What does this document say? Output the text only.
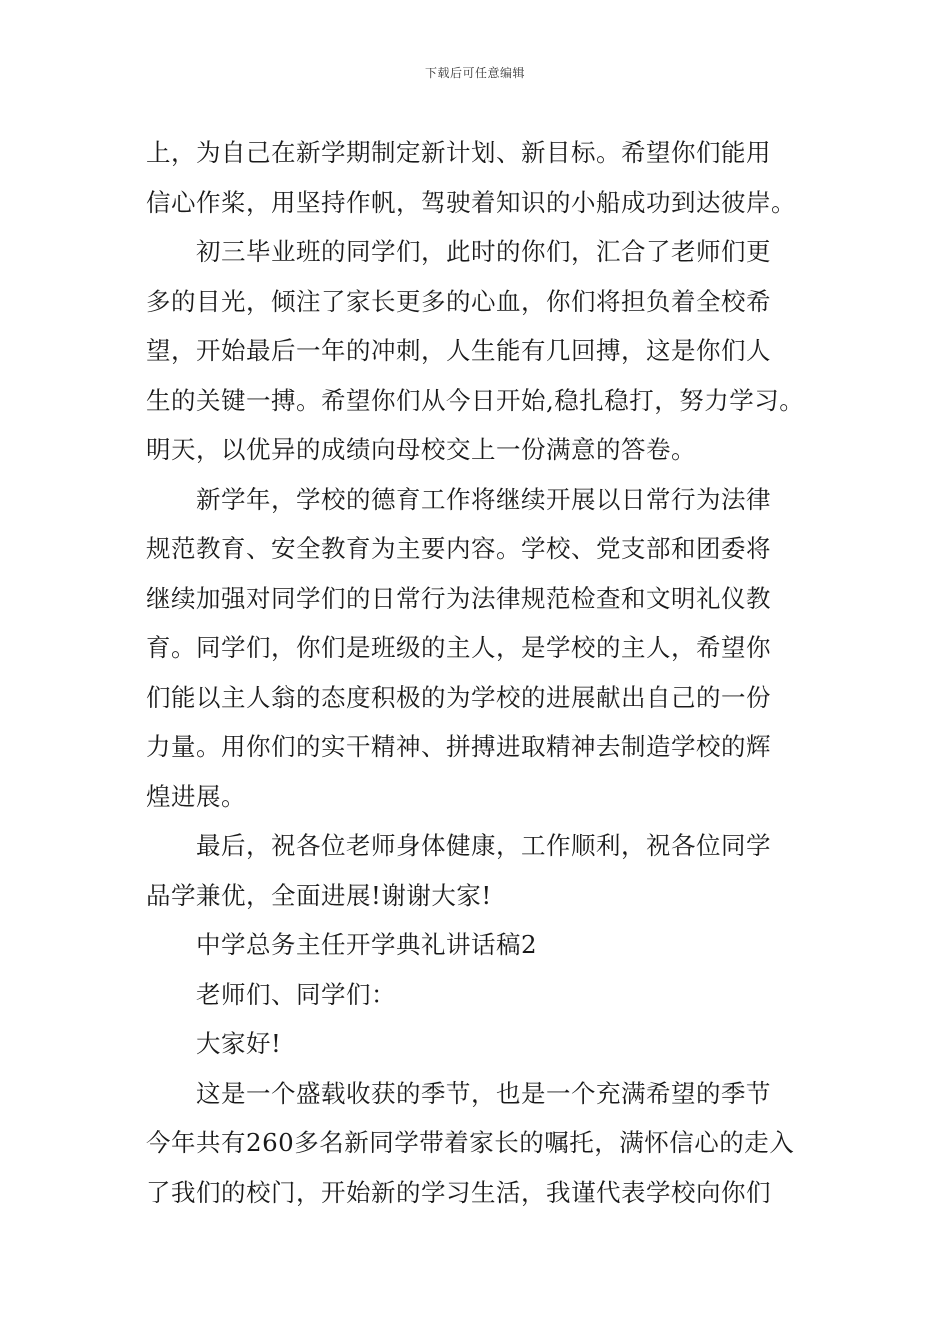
下载后可任意编辑
上，为自己在新学期制定新计划、新目标。希望你们能用
信心作桨，用坚持作帆，驾驶着知识的小船成功到达彼岸。
初三毕业班的同学们，此时的你们，汇合了老师们更
多的目光，倾注了家长更多的心血，你们将担负着全校希
望，开始最后一年的冲刺，人生能有几回搏，这是你们人
生的关键一搏。希望你们从今日开始,稳扎稳打，努力学习。
明天，以优异的成绩向母校交上一份满意的答卷。
新学年，学校的德育工作将继续开展以日常行为法律
规范教育、安全教育为主要内容。学校、党支部和团委将
继续加强对同学们的日常行为法律规范检查和文明礼仪教
育。同学们，你们是班级的主人，是学校的主人，希望你
们能以主人翁的态度积极的为学校的进展献出自己的一份
力量。用你们的实干精神、拼搏进取精神去制造学校的辉
煌进展。
最后，祝各位老师身体健康，工作顺利，祝各位同学
品学兼优，全面进展!谢谢大家!
中学总务主任开学典礼讲话稿2
老师们、同学们：
大家好!
这是一个盛载收获的季节，也是一个充满希望的季节
今年共有260多名新同学带着家长的嘱托，满怀信心的走入
了我们的校门，开始新的学习生活，我谨代表学校向你们
